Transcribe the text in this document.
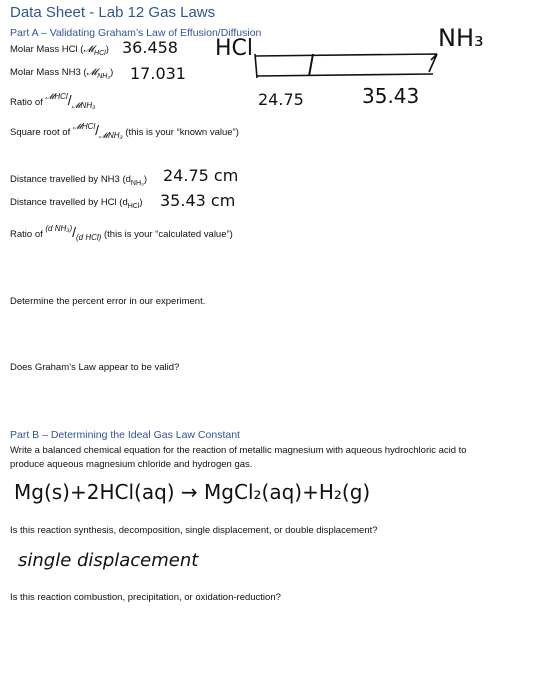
Data Sheet - Lab 12 Gas Laws
Part A – Validating Graham’s Law of Effusion/Diffusion
Molar Mass HCl (𝓜$_{HCl}$) 36.458
Molar Mass NH3 (𝓜$_{NH_3}$) 17.031
HCl	NH₃
24.75	35.43
Ratio of $^{𝓜HCl}/_{𝓜NH_3}$
Square root of $^{𝓜HCl}/_{𝓜NH_3}$ (this is your “known value”)
Distance travelled by NH3 $(d_{NH_3})$ 24.75 cm
Distance travelled by HCl $(d_{HCl})$ 35.43 cm
Ratio of $^{(d NH_3)}/_{(d HCl)}$ (this is your “calculated value”)
Determine the percent error in our experiment.
Does Graham’s Law appear to be valid?
Part B – Determining the Ideal Gas Law Constant
Write a balanced chemical equation for the reaction of metallic magnesium with aqueous hydrochloric acid to produce aqueous magnesium chloride and hydrogen gas.
Mg(s)+2HCl(aq) → MgCl₂(aq)+H₂(g)
Is this reaction synthesis, decomposition, single displacement, or double displacement?
single displacement
Is this reaction combustion, precipitation, or oxidation-reduction?
